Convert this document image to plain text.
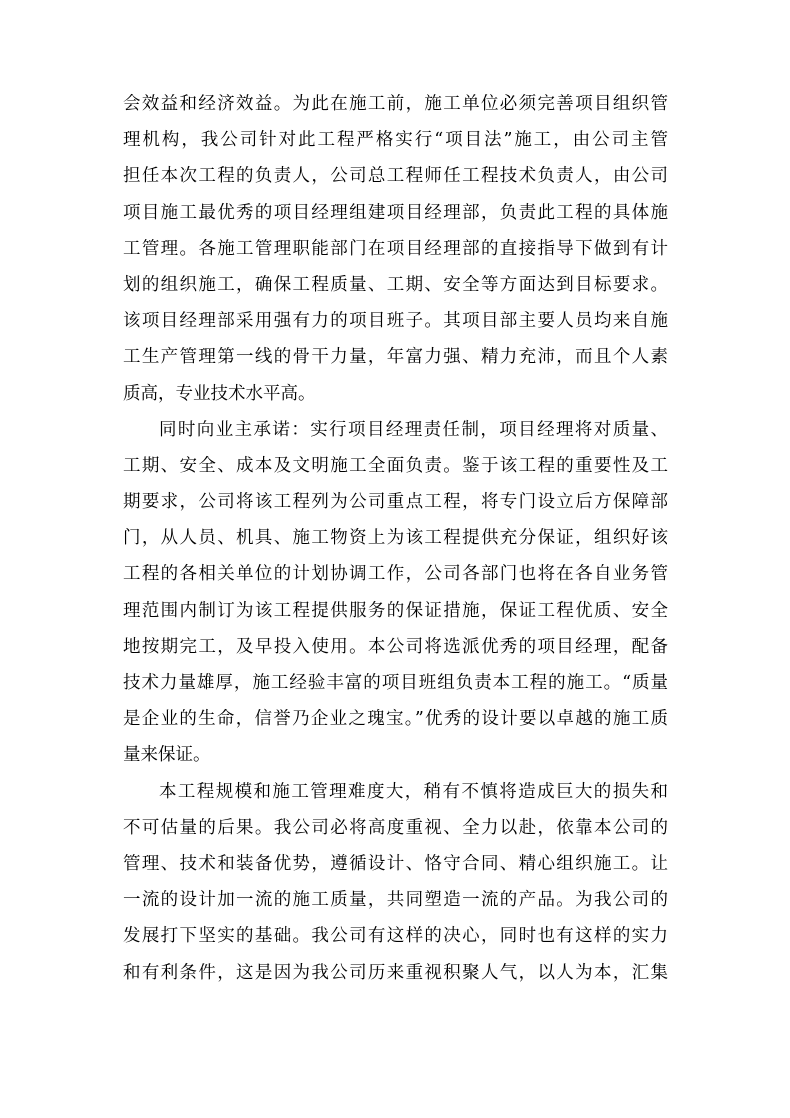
会效益和经济效益。为此在施工前，施工单位必须完善项目组织管
理机构，我公司针对此工程严格实行“项目法”施工，由公司主管
担任本次工程的负责人，公司总工程师任工程技术负责人，由公司
项目施工最优秀的项目经理组建项目经理部，负责此工程的具体施
工管理。各施工管理职能部门在项目经理部的直接指导下做到有计
划的组织施工，确保工程质量、工期、安全等方面达到目标要求。
该项目经理部采用强有力的项目班子。其项目部主要人员均来自施
工生产管理第一线的骨干力量，年富力强、精力充沛，而且个人素
质高，专业技术水平高。
同时向业主承诺：实行项目经理责任制，项目经理将对质量、
工期、安全、成本及文明施工全面负责。鉴于该工程的重要性及工
期要求，公司将该工程列为公司重点工程，将专门设立后方保障部
门，从人员、机具、施工物资上为该工程提供充分保证，组织好该
工程的各相关单位的计划协调工作，公司各部门也将在各自业务管
理范围内制订为该工程提供服务的保证措施，保证工程优质、安全
地按期完工，及早投入使用。本公司将选派优秀的项目经理，配备
技术力量雄厚，施工经验丰富的项目班组负责本工程的施工。“质量
是企业的生命，信誉乃企业之瑰宝。”优秀的设计要以卓越的施工质
量来保证。
本工程规模和施工管理难度大，稍有不慎将造成巨大的损失和
不可估量的后果。我公司必将高度重视、全力以赴，依靠本公司的
管理、技术和装备优势，遵循设计、恪守合同、精心组织施工。让
一流的设计加一流的施工质量，共同塑造一流的产品。为我公司的
发展打下坚实的基础。我公司有这样的决心，同时也有这样的实力
和有利条件，这是因为我公司历来重视积聚人气，以人为本，汇集
